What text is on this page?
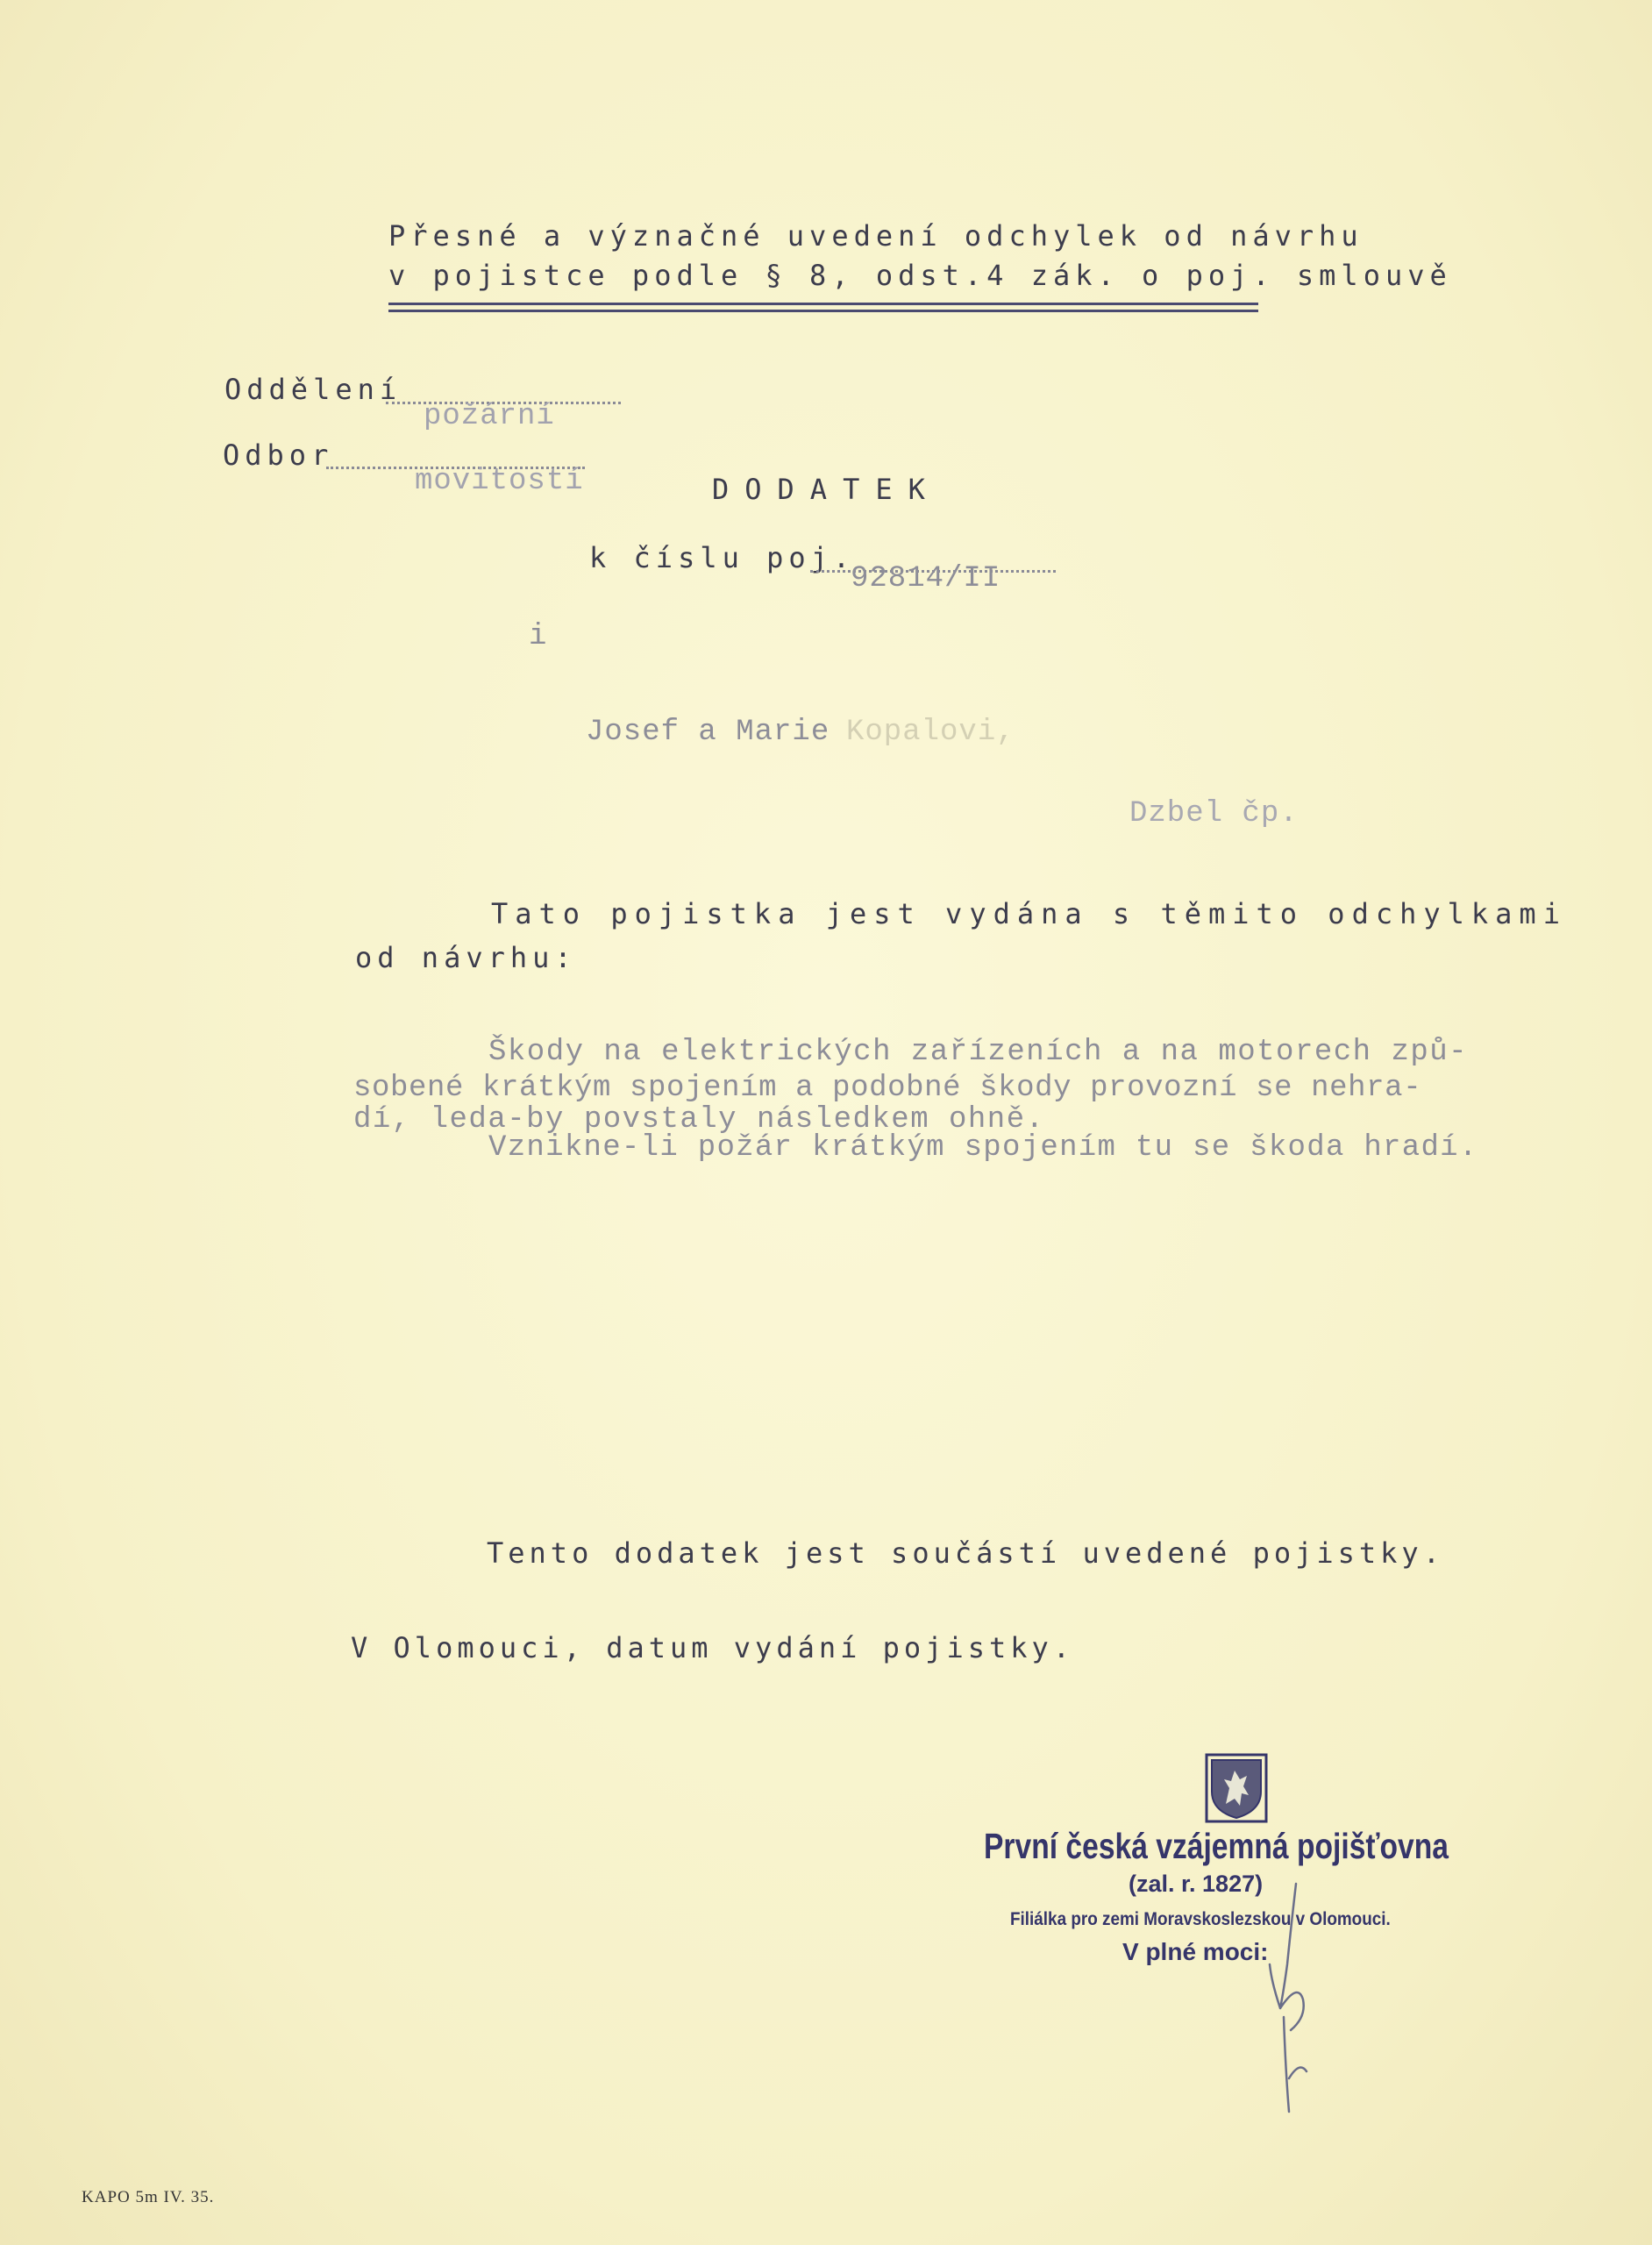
Přesné a význačné uvedení odchylek od návrhu
v pojistce podle § 8, odst.4 zák. o poj. smlouvě
Oddělení
požární
Odbor
movitostí	DODATEK
k číslu poj.
92814/II
i
Josef a Marie Kopalovi,
Dzbel čp.
Tato pojistka jest vydána s těmito odchylkami
od návrhu:
Škody na elektrických zařízeních a na motorech způ-
sobené krátkým spojením a podobné škody provozní se nehra-
dí, leda-by povstaly následkem ohně.
Vznikne-li požár krátkým spojením tu se škoda hradí.
Tento dodatek jest součástí uvedené pojistky.
V Olomouci, datum vydání pojistky.

První česká vzájemná pojišťovna
(zal. r. 1827)
Filiálka pro zemi Moravskoslezskou v Olomouci.
V plné moci:
KAPO 5m IV. 35.
